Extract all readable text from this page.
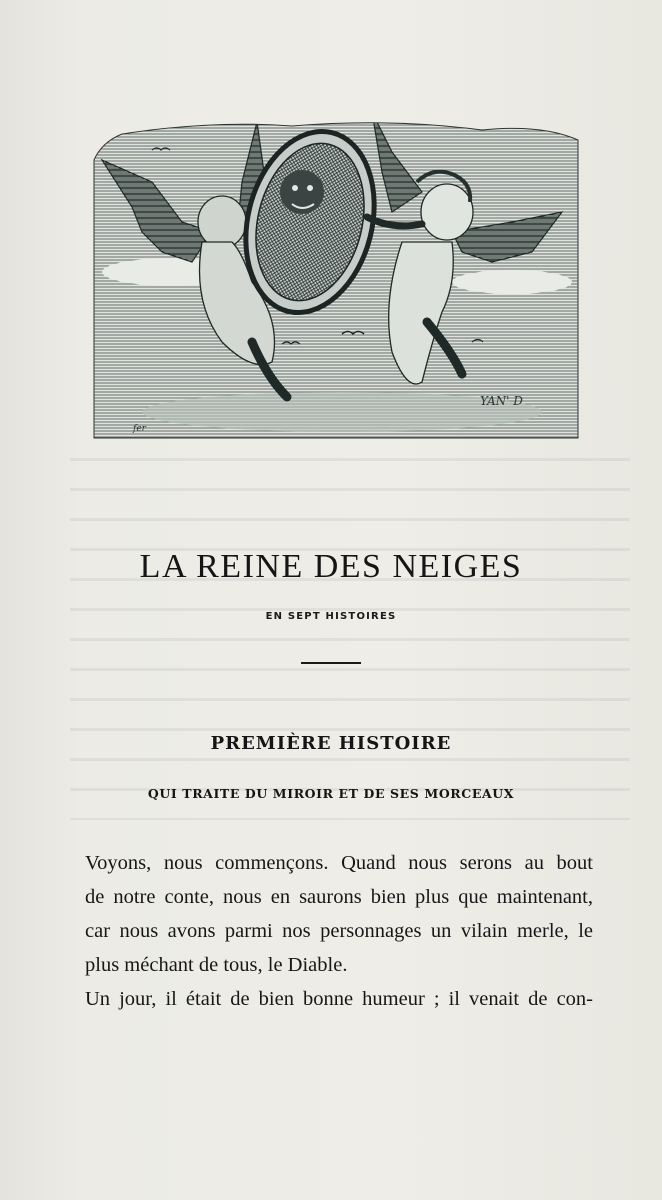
YAN' D
fer
LA REINE DES NEIGES
EN SEPT HISTOIRES
PREMIÈRE HISTOIRE
QUI TRAITE DU MIROIR ET DE SES MORCEAUX

Voyons, nous commençons. Quand nous serons au bout
de notre conte, nous en saurons bien plus que maintenant,
car nous avons parmi nos personnages un vilain merle, le
plus méchant de tous, le Diable.

Un jour, il était de bien bonne humeur ; il venait de con-
